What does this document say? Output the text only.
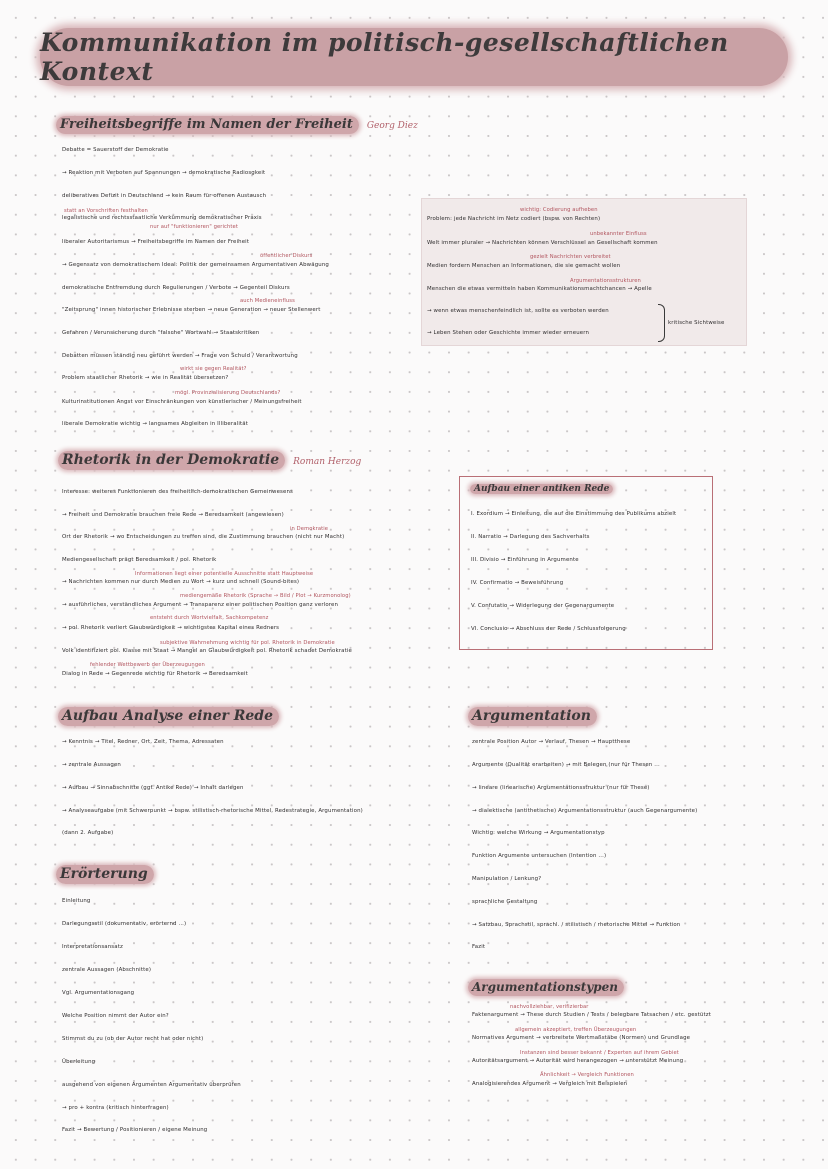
Kommunikation im politisch-gesellschaftlichen Kontext
Freiheitsbegriffe im Namen der Freiheit Georg Diez
Debatte = Sauerstoff der Demokratie
→ Reaktion mit Verboten auf Spannungen → demokratische Radiosgkeit
deliberatives Defizit in Deutschland → kein Raum für offenen Austausch
statt an Vorschriften festhalten
legalistische und rechtsstaatliche Verkümmung demokratischer Praxis
nur auf "funktionieren" gerichtet
liberaler Autoritarismus → Freiheitsbegriffe im Namen der Freiheit
öffentlicher Diskurs
→ Gegensatz von demokratischem Ideal: Politik der gemeinsamen Argumentativen Abwägung
demokratische Entfremdung durch Regulierungen / Verbote → Gegenteil Diskurs
auch Medieneinfluss
"Zeitsprung" innen historischer Erlebnisse sterben → neue Generation → neuer Stellenwert
Gefahren / Verunsicherung durch "falsche" Wortwahl → Staatskritiken
Debatten müssen ständig neu geführt werden → Frage von Schuld / Verantwortung
wirkt sie gegen Realität?
Problem staatlicher Rhetorik → wie in Realität übersetzen?
mögl. Provinzialisierung Deutschlands?
Kulturinstitutionen Angst vor Einschränkungen von künstlerischer / Meinungsfreiheit
liberale Demokratie wichtig → langsames Abgleiten in Illiberalität
wichtig: Codierung aufheben
Problem: jede Nachricht im Netz codiert (bspw. von Rechten)
unbekannter Einfluss
Welt immer pluraler → Nachrichten können Verschlüssel an Gesellschaft kommen
gezielt Nachrichten verbreitet
Medien fordern Menschen an Informationen, die sie gemacht wollen
Argumentationsstrukturen
Menschen die etwas vermitteln haben Kommunikationsmachtchancen → Apelle
→ wenn etwas menschenfeindlich ist, sollte es verboten werden
→ Leben Stehen oder Geschichte immer wieder erneuern
kritische Sichtweise
Rhetorik in der Demokratie Roman Herzog
Interesse: weiteres Funktionieren des freiheitlich-demokratischen Gemeinwesens
→ Freiheit und Demokratie brauchen freie Rede → Beredsamkeit (angewiesen)
in Demokratie
Ort der Rhetorik → wo Entscheidungen zu treffen sind, die Zustimmung brauchen (nicht nur Macht)
Mediengesellschaft prägt Beredsamkeit / pol. Rhetorik
Informationen liegt einer potentielle Ausschnitte statt Hauptweise
→ Nachrichten kommen nur durch Medien zu Wort → kurz und schnell (Sound-bites)
mediengemäße Rhetorik (Sprache → Bild / Plot → Kurzmonolog)
→ ausführliches, verständliches Argument → Transparenz einer politischen Position ganz verloren
entsteht durch Wortvielfalt, Sachkompetenz
→ pol. Rhetorik verliert Glaubwürdigkeit → wichtigstes Kapital eines Redners
subjektive Wahrnehmung wichtig für pol. Rhetorik in Demokratie
Volk identifiziert pol. Klasse mit Staat → Mangel an Glaubwürdigkeit pol. Rhetorik schadet Demokratie
fehlender Wettbewerb der Überzeugungen
Dialog in Rede → Gegenrede wichtig für Rhetorik → Beredsamkeit
Aufbau einer antiken Rede
I. Exordium → Einleitung, die auf die Einstimmung des Publikums abzielt
II. Narratio → Darlegung des Sachverhalts
III. Divisio → Einführung in Argumente
IV. Confirmatio → Beweisführung
V. Confutatio → Widerlegung der Gegenargumente
VI. Conclusio → Abschluss der Rede / Schlussfolgerung
Aufbau Analyse einer Rede
→ Kenntnis → Titel, Redner, Ort, Zeit, Thema, Adressaten
→ zentrale Aussagen
→ Aufbau → Sinnabschnitte (ggf. Antike Rede) → Inhalt darlegen
→ Analyseaufgabe (mit Schwerpunkt → bspw. stilistisch-rhetorische Mittel, Redestrategie, Argumentation)
(dann 2. Aufgabe)
Erörterung
Einleitung
Darlegungsstil (dokumentativ, erörternd ...)
Interpretationsansatz
zentrale Aussagen (Abschnitte)
Vgl. Argumentationsgang
Welche Position nimmt der Autor ein?
Stimmst du zu (ob der Autor recht hat oder nicht)
Überleitung
ausgehend von eigenen Argumenten Argumentativ überprüfen
→ pro + kontra (kritisch hinterfragen)
Fazit → Bewertung / Positionieren / eigene Meinung
Argumentation
zentrale Position Autor → Verlauf, Thesen → Hauptthese
Argumente (Qualität erarbeiten) → mit Belegen (nur für Thesen ...
→ lineare (linearische) Argumentationsstruktur (nur für These)
→ dialektische (antithetische) Argumentationsstruktur (auch Gegenargumente)
Wichtig: welche Wirkung → Argumentationstyp
Funktion Argumente untersuchen (Intention ...)
Manipulation / Lenkung?
sprachliche Gestaltung
→ Satzbau, Sprachstil, sprachl. / stilistisch / rhetorische Mittel → Funktion
Fazit
Argumentationstypen
nachvollziehbar, verifizierbar
Faktenargument → These durch Studien / Tests / belegbare Tatsachen / etc. gestützt
allgemein akzeptiert, treffen Überzeugungen
Normatives Argument → verbreitete Wertmaßstäbe (Normen) und Grundlage
Instanzen sind besser bekannt / Experten auf ihrem Gebiet
Autoritätsargument → Autorität wird herangezogen → unterstützt Meinung
Ähnlichkeit → Vergleich Funktionen
Analogisierendes Argument → Vergleich mit Beispielen
